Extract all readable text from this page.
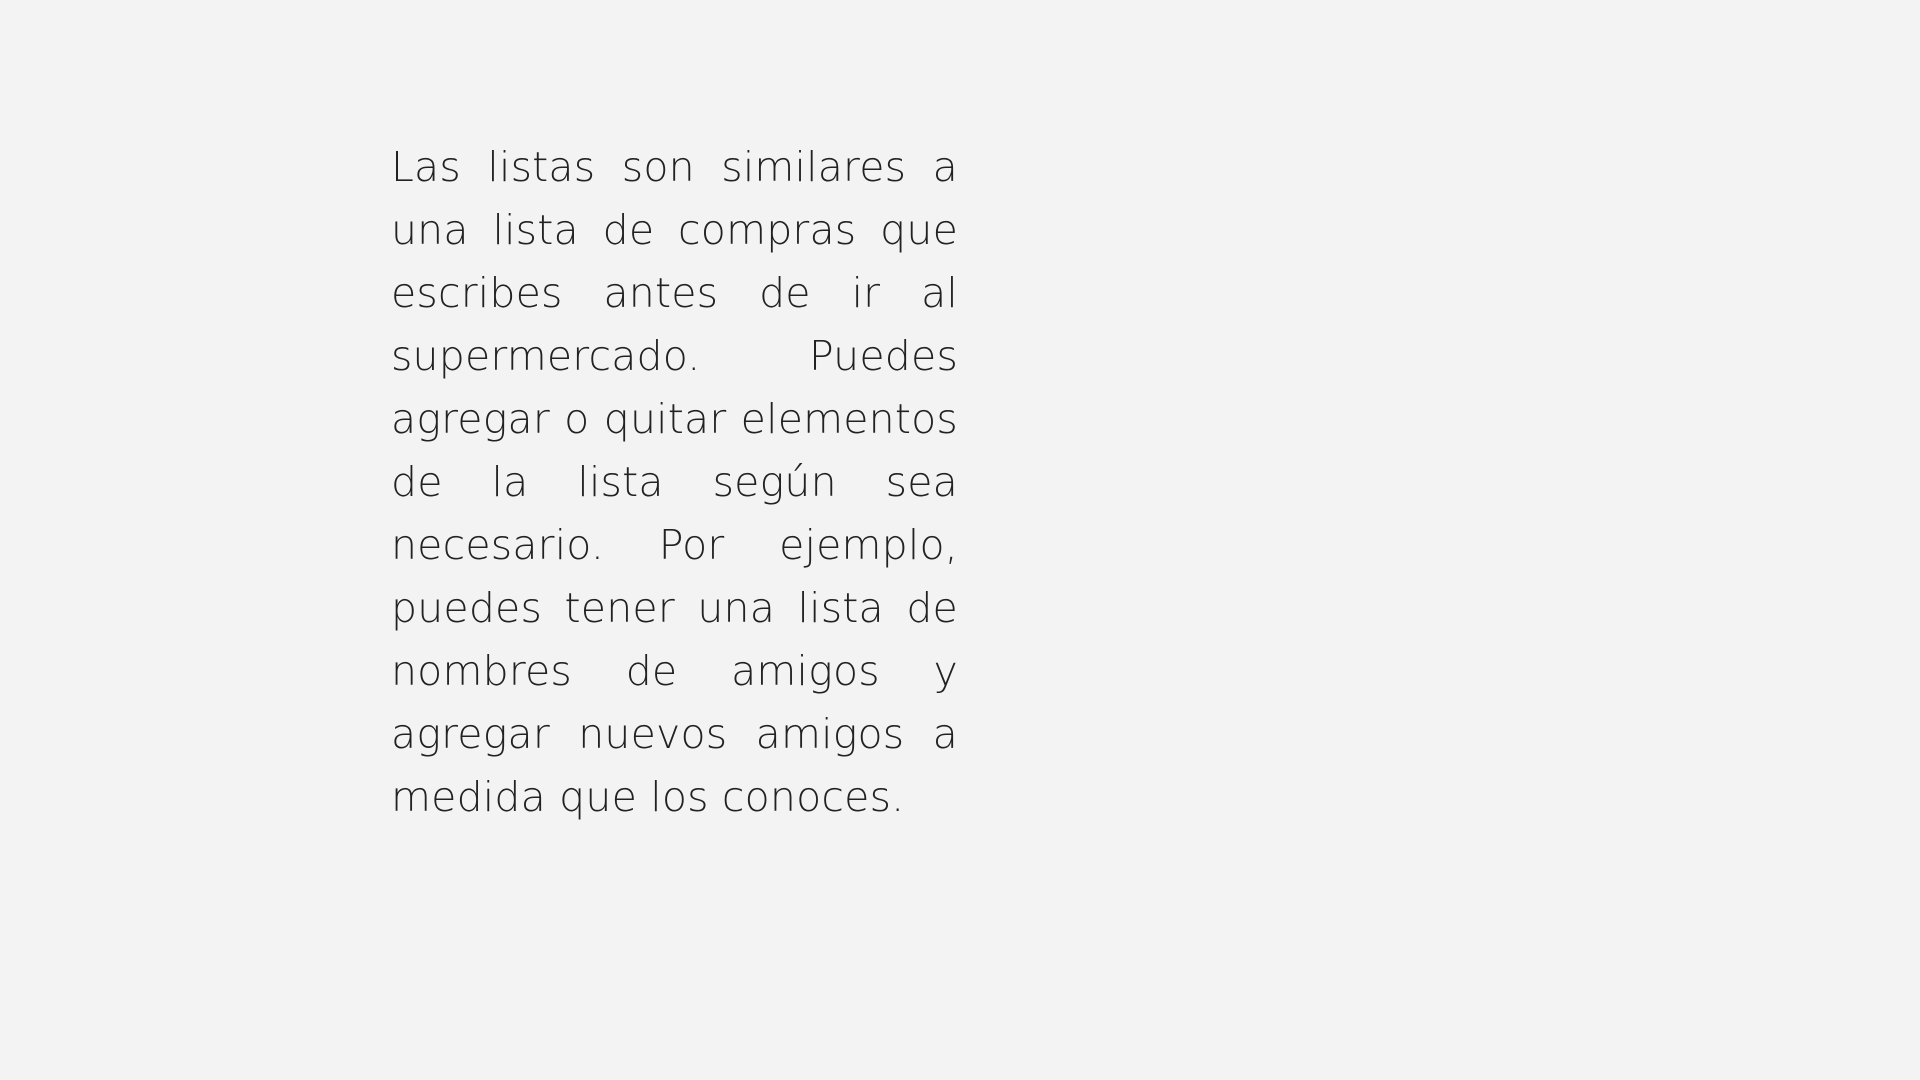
Las listas son similares a una lista de compras que escribes antes de ir al supermercado. Puedes agregar o quitar elementos de la lista según sea necesario. Por ejemplo, puedes tener una lista de nombres de amigos y agregar nuevos amigos a medida que los conoces.
